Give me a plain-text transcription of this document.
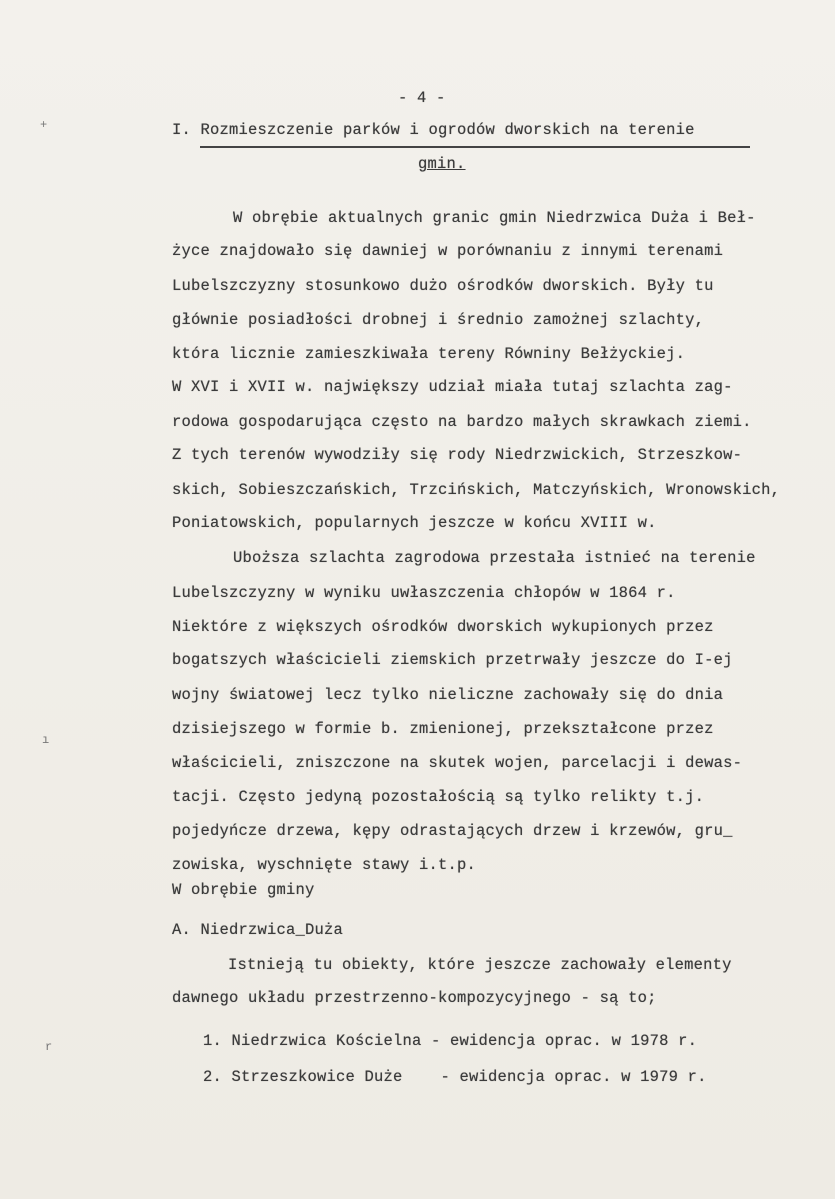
- 4 -
I. Rozmieszczenie parków i ogrodów dworskich na terenie
gmin.
W obrębie aktualnych granic gmin Niedrzwica Duża i Beł-
życe znajdowało się dawniej w porównaniu z innymi terenami
Lubelszczyzny stosunkowo dużo ośrodków dworskich. Były tu
głównie posiadłości drobnej i średnio zamożnej szlachty,
która licznie zamieszkiwała tereny Równiny Bełżyckiej.
W XVI i XVII w. największy udział miała tutaj szlachta zag-
rodowa gospodarująca często na bardzo małych skrawkach ziemi.
Z tych terenów wywodziły się rody Niedrzwickich, Strzeszkow-
skich, Sobieszczańskich, Trzcińskich, Matczyńskich, Wronowskich,
Poniatowskich, popularnych jeszcze w końcu XVIII w.
Uboższa szlachta zagrodowa przestała istnieć na terenie
Lubelszczyzny w wyniku uwłaszczenia chłopów w 1864 r.
Niektóre z większych ośrodków dworskich wykupionych przez
bogatszych właścicieli ziemskich przetrwały jeszcze do I-ej
wojny światowej lecz tylko nieliczne zachowały się do dnia
dzisiejszego w formie b. zmienionej, przekształcone przez
właścicieli, zniszczone na skutek wojen, parcelacji i dewas-
tacji. Często jedyną pozostałością są tylko relikty t.j.
pojedyńcze drzewa, kępy odrastających drzew i krzewów, gru_
zowiska, wyschnięte stawy i.t.p.
W obrębie gminy
A. Niedrzwica_Duża
Istnieją tu obiekty, które jeszcze zachowały elementy
dawnego układu przestrzenno-kompozycyjnego - są to;
1. Niedrzwica Kościelna - ewidencja oprac. w 1978 r.
2. Strzeszkowice Duże    - ewidencja oprac. w 1979 r.
+
ı
r
